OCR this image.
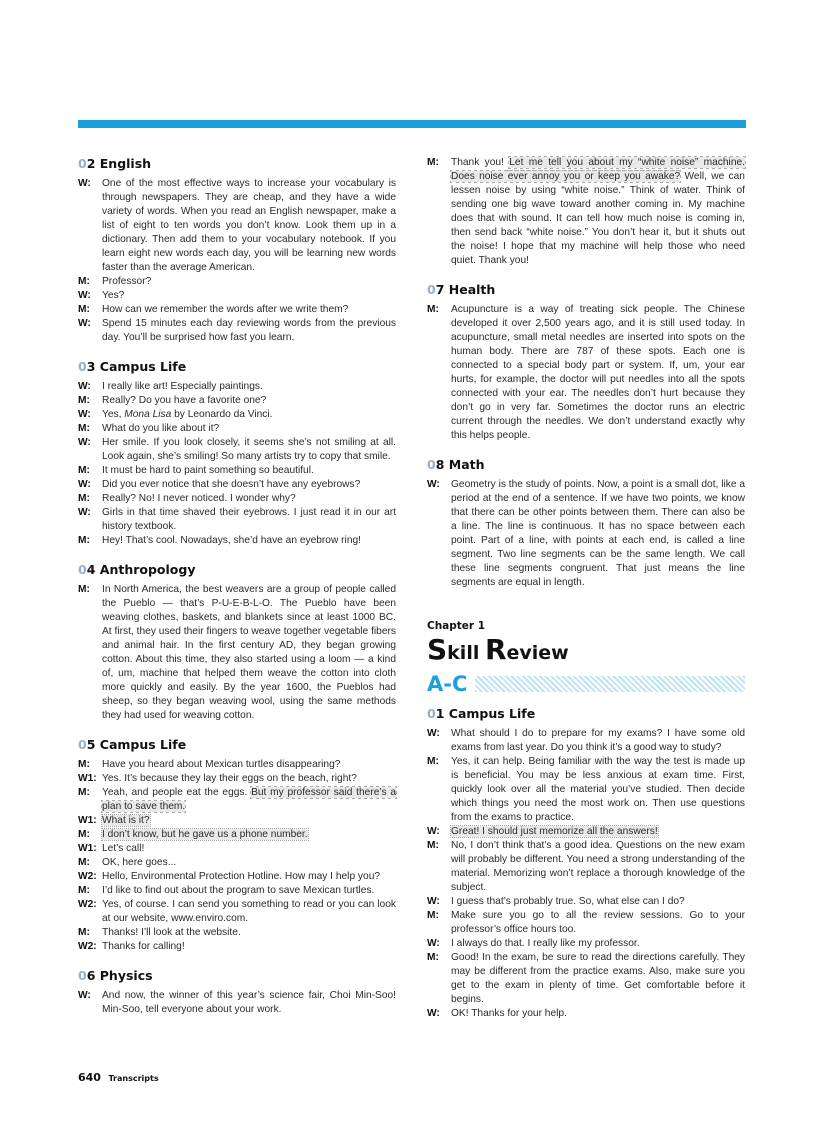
02 English
W:	One of the most effective ways to increase your vocabulary is through newspapers. They are cheap, and they have a wide variety of words. When you read an English newspaper, make a list of eight to ten words you don’t know. Look them up in a dictionary. Then add them to your vocabulary notebook. If you learn eight new words each day, you will be learning new words faster than the average American.
M:	Professor?
W:	Yes?
M:	How can we remember the words after we write them?
W:	Spend 15 minutes each day reviewing words from the previous day. You’ll be surprised how fast you learn.
03 Campus Life
W:	I really like art! Especially paintings.
M:	Really? Do you have a favorite one?
W:	Yes, Mona Lisa by Leonardo da Vinci.
M:	What do you like about it?
W:	Her smile. If you look closely, it seems she’s not smiling at all. Look again, she’s smiling! So many artists try to copy that smile.
M:	It must be hard to paint something so beautiful.
W:	Did you ever notice that she doesn’t have any eyebrows?
M:	Really? No! I never noticed. I wonder why?
W:	Girls in that time shaved their eyebrows. I just read it in our art history textbook.
M:	Hey! That’s cool. Nowadays, she’d have an eyebrow ring!
04 Anthropology
M:	In North America, the best weavers are a group of people called the Pueblo — that’s P-U-E-B-L-O. The Pueblo have been weaving clothes, baskets, and blankets since at least 1000 BC. At first, they used their fingers to weave together vegetable fibers and animal hair. In the first century AD, they began growing cotton. About this time, they also started using a loom — a kind of, um, machine that helped them weave the cotton into cloth more quickly and easily. By the year 1600, the Pueblos had sheep, so they began weaving wool, using the same methods they had used for weaving cotton.
05 Campus Life
M:	Have you heard about Mexican turtles disappearing?
W1: Yes. It’s because they lay their eggs on the beach, right?
M:	Yeah, and people eat the eggs. But my professor said there’s a plan to save them.
W1: What is it?
M:	I don’t know, but he gave us a phone number.
W1: Let’s call!
M:	OK, here goes...
W2: Hello, Environmental Protection Hotline. How may I help you?
M:	I’d like to find out about the program to save Mexican turtles.
W2: Yes, of course. I can send you something to read or you can look at our website, www.enviro.com.
M:	Thanks! I’ll look at the website.
W2: Thanks for calling!
06 Physics
W:	And now, the winner of this year’s science fair, Choi Min-Soo! Min-Soo, tell everyone about your work.
M:	Thank you! Let me tell you about my “white noise” machine. Does noise ever annoy you or keep you awake? Well, we can lessen noise by using “white noise.” Think of water. Think of sending one big wave toward another coming in. My machine does that with sound. It can tell how much noise is coming in, then send back “white noise.” You don’t hear it, but it shuts out the noise! I hope that my machine will help those who need quiet. Thank you!
07 Health
M:	Acupuncture is a way of treating sick people. The Chinese developed it over 2,500 years ago, and it is still used today. In acupuncture, small metal needles are inserted into spots on the human body. There are 787 of these spots. Each one is connected to a special body part or system. If, um, your ear hurts, for example, the doctor will put needles into all the spots connected with your ear. The needles don’t hurt because they don’t go in very far. Sometimes the doctor runs an electric current through the needles. We don’t understand exactly why this helps people.
08 Math
W:	Geometry is the study of points. Now, a point is a small dot, like a period at the end of a sentence. If we have two points, we know that there can be other points between them. There can also be a line. The line is continuous. It has no space between each point. Part of a line, with points at each end, is called a line segment. Two line segments can be the same length. We call these line segments congruent. That just means the line segments are equal in length.
Chapter 1
Skill Review
A-C
01 Campus Life
W:	What should I do to prepare for my exams? I have some old exams from last year. Do you think it’s a good way to study?
M:	Yes, it can help. Being familiar with the way the test is made up is beneficial. You may be less anxious at exam time. First, quickly look over all the material you’ve studied. Then decide which things you need the most work on. Then use questions from the exams to practice.
W:	Great! I should just memorize all the answers!
M:	No, I don’t think that’s a good idea. Questions on the new exam will probably be different. You need a strong understanding of the material. Memorizing won’t replace a thorough knowledge of the subject.
W:	I guess that’s probably true. So, what else can I do?
M:	Make sure you go to all the review sessions. Go to your professor’s office hours too.
W:	I always do that. I really like my professor.
M:	Good! In the exam, be sure to read the directions carefully. They may be different from the practice exams. Also, make sure you get to the exam in plenty of time. Get comfortable before it begins.
W:	OK! Thanks for your help.
640 Transcripts
